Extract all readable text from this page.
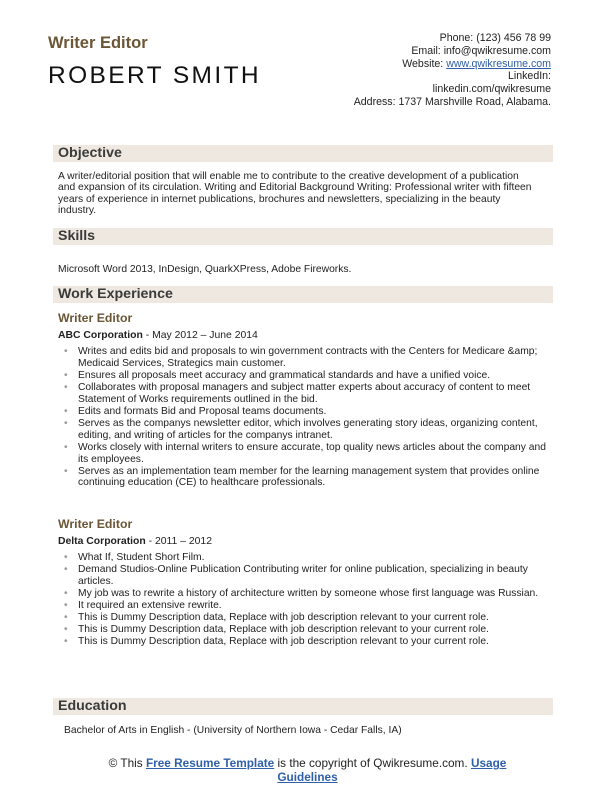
Writer Editor
ROBERT SMITH
Phone: (123) 456 78 99
Email: info@qwikresume.com
Website: www.qwikresume.com
LinkedIn:
linkedin.com/qwikresume
Address: 1737 Marshville Road, Alabama.
Objective
A writer/editorial position that will enable me to contribute to the creative development of a publication and expansion of its circulation. Writing and Editorial Background Writing: Professional writer with fifteen years of experience in internet publications, brochures and newsletters, specializing in the beauty industry.
Skills
Microsoft Word 2013, InDesign, QuarkXPress, Adobe Fireworks.
Work Experience
Writer Editor
ABC Corporation - May 2012 – June 2014
• Writes and edits bid and proposals to win government contracts with the Centers for Medicare &amp; Medicaid Services, Strategics main customer.
• Ensures all proposals meet accuracy and grammatical standards and have a unified voice.
• Collaborates with proposal managers and subject matter experts about accuracy of content to meet Statement of Works requirements outlined in the bid.
• Edits and formats Bid and Proposal teams documents.
• Serves as the companys newsletter editor, which involves generating story ideas, organizing content, editing, and writing of articles for the companys intranet.
• Works closely with internal writers to ensure accurate, top quality news articles about the company and its employees.
• Serves as an implementation team member for the learning management system that provides online continuing education (CE) to healthcare professionals.
Writer Editor
Delta Corporation - 2011 – 2012
• What If, Student Short Film.
• Demand Studios-Online Publication Contributing writer for online publication, specializing in beauty articles.
• My job was to rewrite a history of architecture written by someone whose first language was Russian.
• It required an extensive rewrite.
• This is Dummy Description data, Replace with job description relevant to your current role.
• This is Dummy Description data, Replace with job description relevant to your current role.
• This is Dummy Description data, Replace with job description relevant to your current role.
Education
Bachelor of Arts in English - (University of Northern Iowa - Cedar Falls, IA)
© This Free Resume Template is the copyright of Qwikresume.com. Usage Guidelines
